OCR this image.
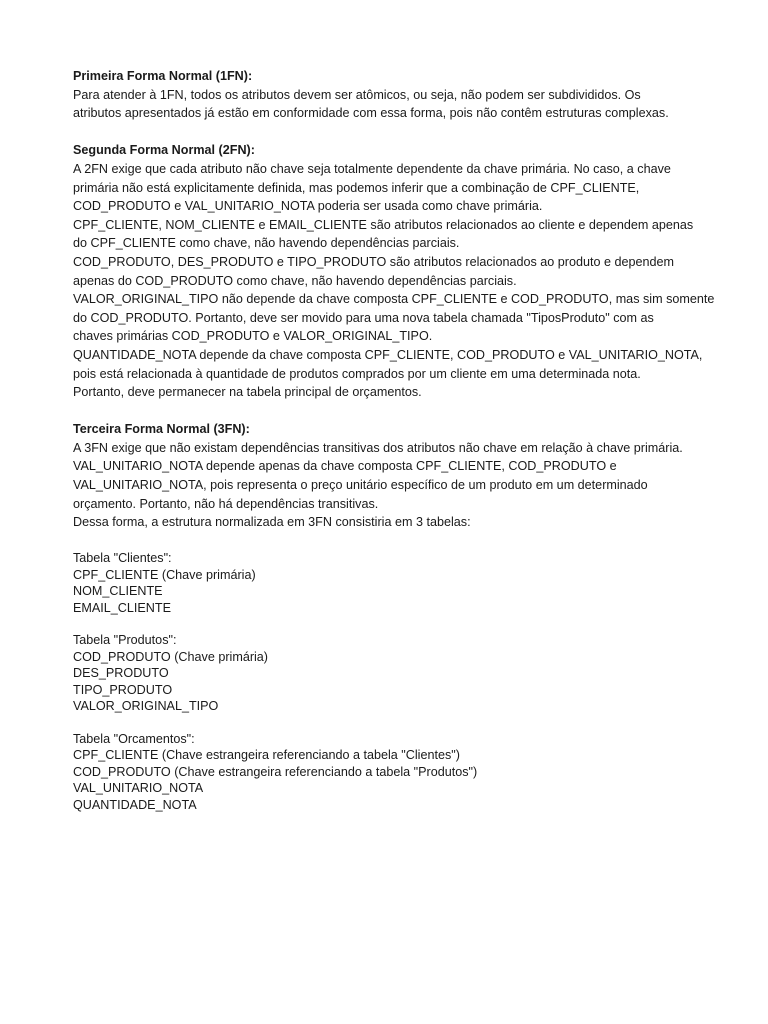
Primeira Forma Normal (1FN):
Para atender à 1FN, todos os atributos devem ser atômicos, ou seja, não podem ser subdivididos. Os
atributos apresentados já estão em conformidade com essa forma, pois não contêm estruturas complexas.
Segunda Forma Normal (2FN):
A 2FN exige que cada atributo não chave seja totalmente dependente da chave primária. No caso, a chave
primária não está explicitamente definida, mas podemos inferir que a combinação de CPF_CLIENTE,
COD_PRODUTO e VAL_UNITARIO_NOTA poderia ser usada como chave primária.
CPF_CLIENTE, NOM_CLIENTE e EMAIL_CLIENTE são atributos relacionados ao cliente e dependem apenas
do CPF_CLIENTE como chave, não havendo dependências parciais.
COD_PRODUTO, DES_PRODUTO e TIPO_PRODUTO são atributos relacionados ao produto e dependem
apenas do COD_PRODUTO como chave, não havendo dependências parciais.
VALOR_ORIGINAL_TIPO não depende da chave composta CPF_CLIENTE e COD_PRODUTO, mas sim somente
do COD_PRODUTO. Portanto, deve ser movido para uma nova tabela chamada "TiposProduto" com as
chaves primárias COD_PRODUTO e VALOR_ORIGINAL_TIPO.
QUANTIDADE_NOTA depende da chave composta CPF_CLIENTE, COD_PRODUTO e VAL_UNITARIO_NOTA,
pois está relacionada à quantidade de produtos comprados por um cliente em uma determinada nota.
Portanto, deve permanecer na tabela principal de orçamentos.
Terceira Forma Normal (3FN):
A 3FN exige que não existam dependências transitivas dos atributos não chave em relação à chave primária.
VAL_UNITARIO_NOTA depende apenas da chave composta CPF_CLIENTE, COD_PRODUTO e
VAL_UNITARIO_NOTA, pois representa o preço unitário específico de um produto em um determinado
orçamento. Portanto, não há dependências transitivas.
Dessa forma, a estrutura normalizada em 3FN consistiria em 3 tabelas:
Tabela "Clientes":
CPF_CLIENTE (Chave primária)
NOM_CLIENTE
EMAIL_CLIENTE
Tabela "Produtos":
COD_PRODUTO (Chave primária)
DES_PRODUTO
TIPO_PRODUTO
VALOR_ORIGINAL_TIPO
Tabela "Orcamentos":
CPF_CLIENTE (Chave estrangeira referenciando a tabela "Clientes")
COD_PRODUTO (Chave estrangeira referenciando a tabela "Produtos")
VAL_UNITARIO_NOTA
QUANTIDADE_NOTA
